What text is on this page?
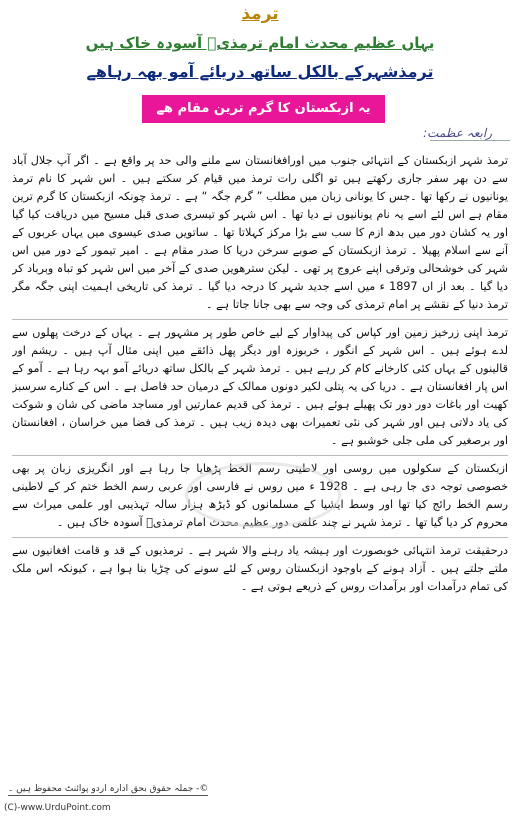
ترمذ
یہاں عظیم محدث امام ترمذیؒ آسودہ خاک ہیں
ترمذشہرکے بالکل ساتھ دریائے آمو بھہ رہاھے
یہ ازبکستان کا گرم ترین مقام ھے
رابعہ عظمت:

ترمذ شہر ازبکستان کے انتہائی جنوب میں اورافغانستان سے ملنے والی حد پر واقع ہے ۔ اگر آپ جلال آباد سے دن بھر سفر جاری رکھتے ہیں تو اگلی رات ترمذ میں قیام کر سکتے ہیں ۔ اس شہر کا نام ترمذ یونانیوں نے رکھا تھا ۔جس کا یونانی زبان میں مطلب ” گرم جگہ “ ہے ۔ ترمذ چونکہ ازبکستان کا گرم ترین مقام ہے اس لئے اسے یہ نام یونانیوں نے دیا تھا ۔ اس شہر کو تیسری صدی قبل مسیح میں دریافت کیا گیا اور یہ کشان دور میں بدھ ازم کا سب سے بڑا مرکز کہلاتا تھا ۔ ساتویں صدی عیسوی میں یہاں عربوں کے آنے سے اسلام پھیلا ۔ ترمذ ازبکستان کے صوبے سرخن دریا کا صدر مقام ہے ۔ امیر تیمور کے دور میں اس شہر کی خوشحالی وترقی اپنے عروج پر تھی ۔ لیکن سترھویں صدی کے آخر میں اس شہر کو تباہ وبرباد کر دیا گیا ۔ بعد از اں 1897 ء میں اسے جدید شہر کا درجہ دیا گیا ۔ ترمذ کی تاریخی اہمیت اپنی جگہ مگر ترمذ دنیا کے نقشے پر امام ترمذی کی وجہ سے بھی جانا جاتا ہے ۔

ترمذ اپنی زرخیز زمین اور کپاس کی پیداوار کے لیے خاص طور پر مشہور ہے ۔ یہاں کے درخت پھلوں سے لدے ہوئے ہیں ۔ اس شہر کے انگور ، خربوزہ اور دیگر پھل ذائقے میں اپنی مثال آپ ہیں ۔ ریشم اور قالینوں کے یہاں کئی کارخانے کام کر رہے ہیں ۔ ترمذ شہر کے بالکل ساتھ دریائے آمو بہہ رہا ہے ۔ آمو کے اس پار افغانستان ہے ۔ دریا کی یہ پتلی لکیر دونوں ممالک کے درمیان حد فاصل ہے ۔ اس کے کنارے سرسبز کھیت اور باغات دور دور تک پھیلے ہوئے ہیں ۔ ترمذ کی قدیم عمارتیں اور مساجد ماضی کی شان و شوکت کی یاد دلاتی ہیں اور شہر کی نئی تعمیرات بھی دیدہ زیب ہیں ۔ ترمذ کی فضا میں خراسان ، افغانستان اور برصغیر کی ملی جلی خوشبو ہے ۔

ازبکستان کے سکولوں میں روسی اور لاطینی رسم الخط پڑھایا جا رہا ہے اور انگریزی زبان پر بھی خصوصی توجہ دی جا رہی ہے ۔ 1928 ء میں روس نے فارسی اور عربی رسم الخط ختم کر کے لاطینی رسم الخط رائج کیا تھا اور وسط ایشیا کے مسلمانوں کو ڈیڑھ ہزار سالہ تہذیبی اور علمی میراث سے محروم کر دیا گیا تھا ۔ ترمذ شہر نے چند علمی دور عظیم محدث امام ترمذیؒ آسودہ خاک ہیں ۔

درحقیقت ترمذ انتہائی خوبصورت اور ہیشہ یاد رہنے والا شہر ہے ۔ ترمذیوں کے قد و قامت افغانیوں سے ملتے جلتے ہیں ۔ آزاد ہونے کے باوجود ازبکستان روس کے لئے سونے کی چڑیا بنا ہوا ہے ، کیونکہ اس ملک کی تمام درآمدات اور برآمدات روس کے ذریعے ہوتی ہے ۔

©- جملہ حقوق بحق ادارہ اردو پوائنٹ محفوظ ہیں ۔
(C)-www.UrduPoint.com
